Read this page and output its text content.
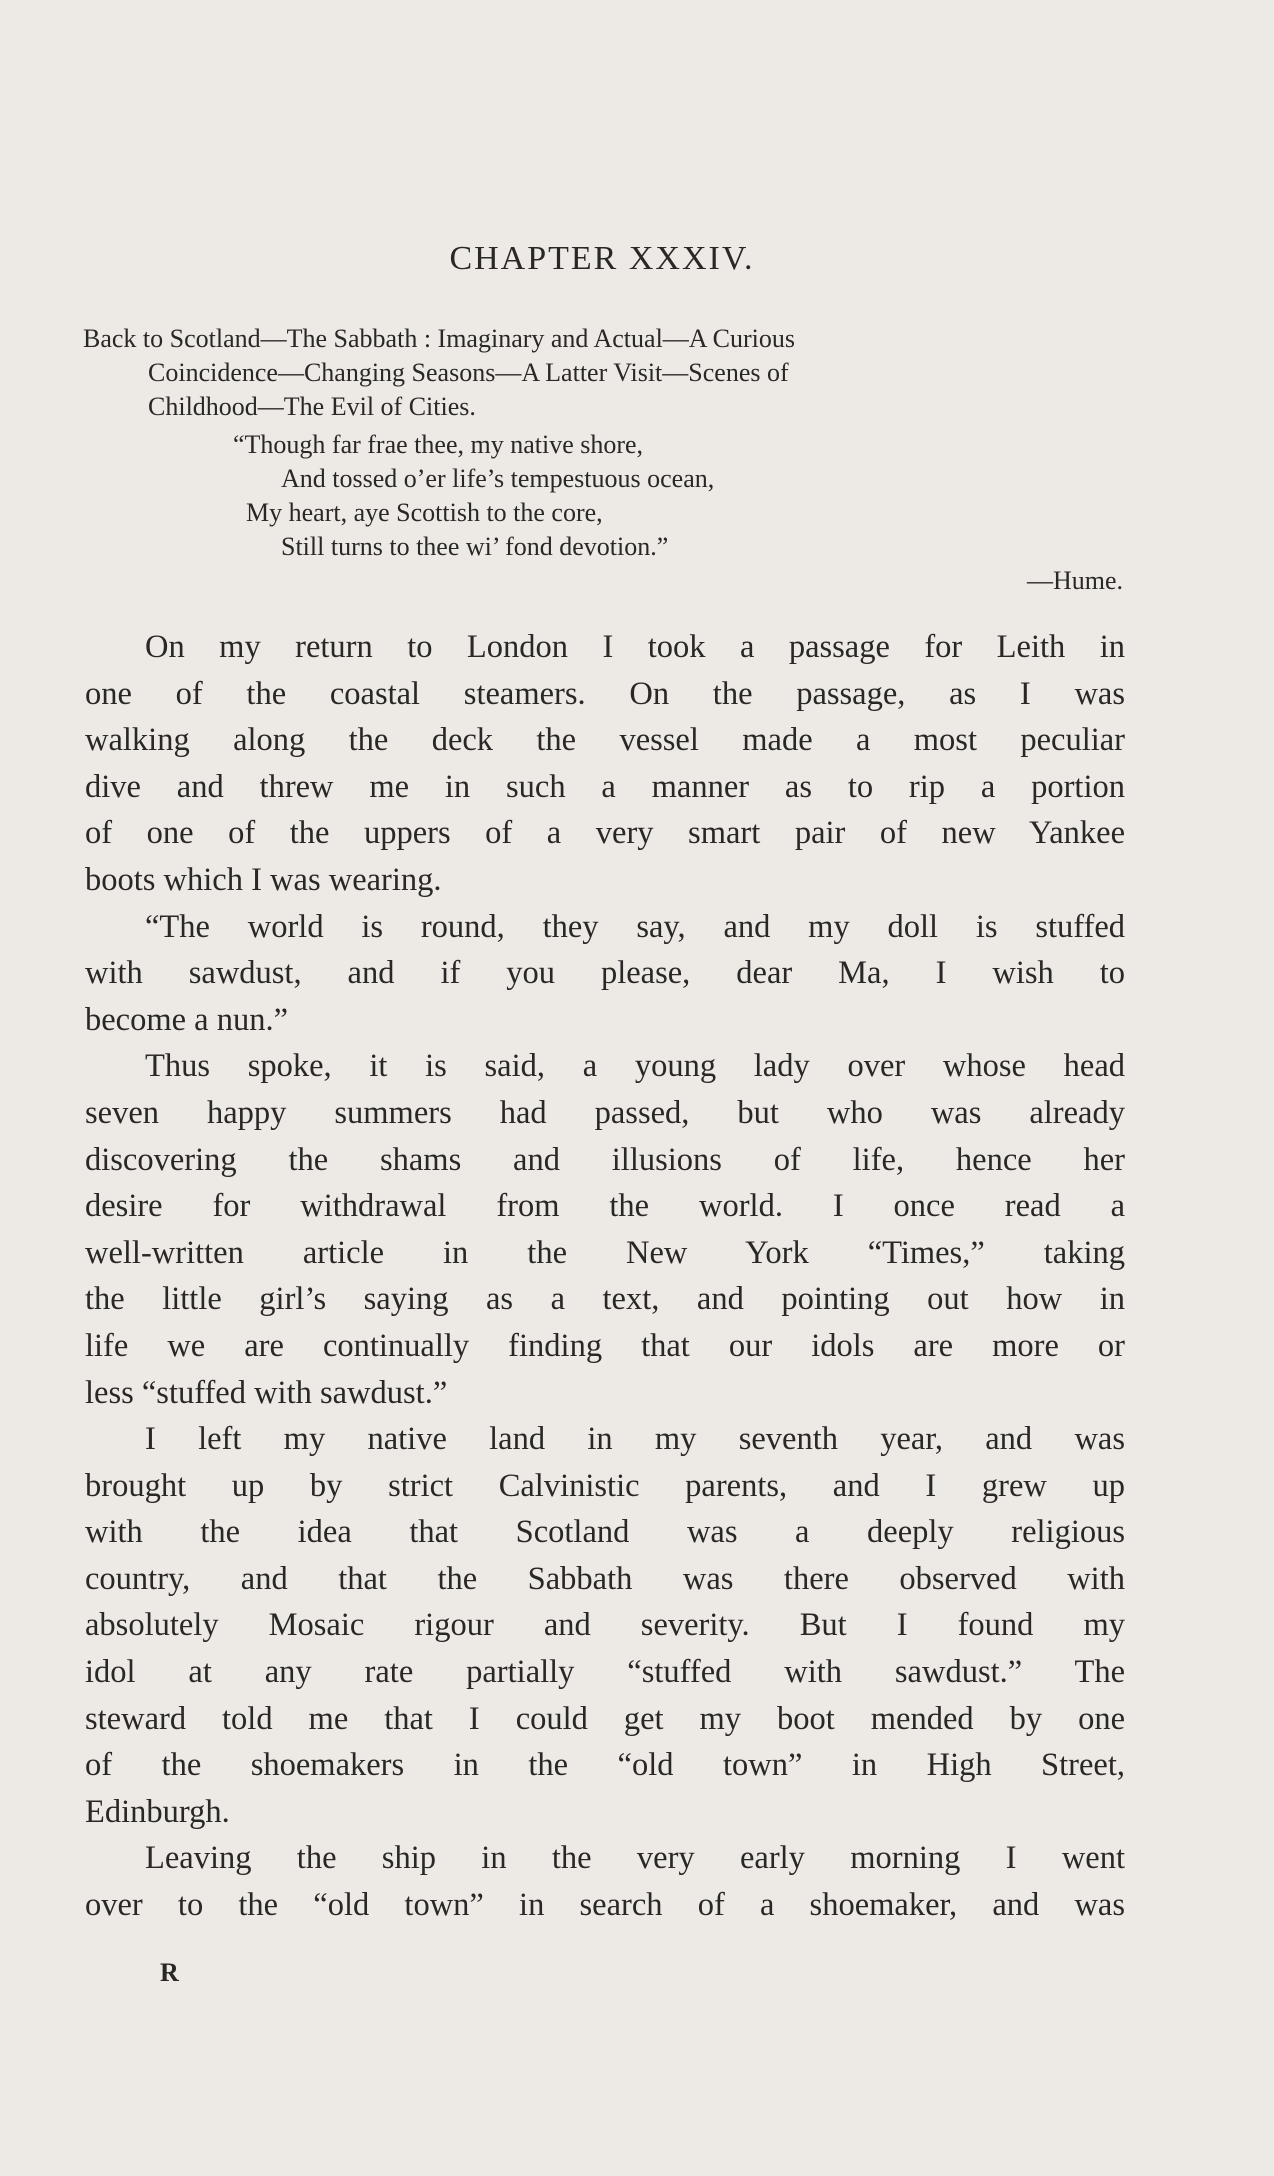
CHAPTER XXXIV.
Back to Scotland—The Sabbath : Imaginary and Actual—A Curious
Coincidence—Changing Seasons—A Latter Visit—Scenes of
Childhood—The Evil of Cities.
“Though far frae thee, my native shore,
And tossed o’er life’s tempestuous ocean,
My heart, aye Scottish to the core,
Still turns to thee wi’ fond devotion.”
—Hume.
On my return to London I took a passage for Leith in
one of the coastal steamers. On the passage, as I was
walking along the deck the vessel made a most peculiar
dive and threw me in such a manner as to rip a portion
of one of the uppers of a very smart pair of new Yankee
boots which I was wearing.
“The world is round, they say, and my doll is stuffed
with sawdust, and if you please, dear Ma, I wish to
become a nun.”
Thus spoke, it is said, a young lady over whose head
seven happy summers had passed, but who was already
discovering the shams and illusions of life, hence her
desire for withdrawal from the world. I once read a
well-written article in the New York “Times,” taking
the little girl’s saying as a text, and pointing out how in
life we are continually finding that our idols are more or
less “stuffed with sawdust.”
I left my native land in my seventh year, and was
brought up by strict Calvinistic parents, and I grew up
with the idea that Scotland was a deeply religious
country, and that the Sabbath was there observed with
absolutely Mosaic rigour and severity. But I found my
idol at any rate partially “stuffed with sawdust.” The
steward told me that I could get my boot mended by one
of the shoemakers in the “old town” in High Street,
Edinburgh.
Leaving the ship in the very early morning I went
over to the “old town” in search of a shoemaker, and was
R
